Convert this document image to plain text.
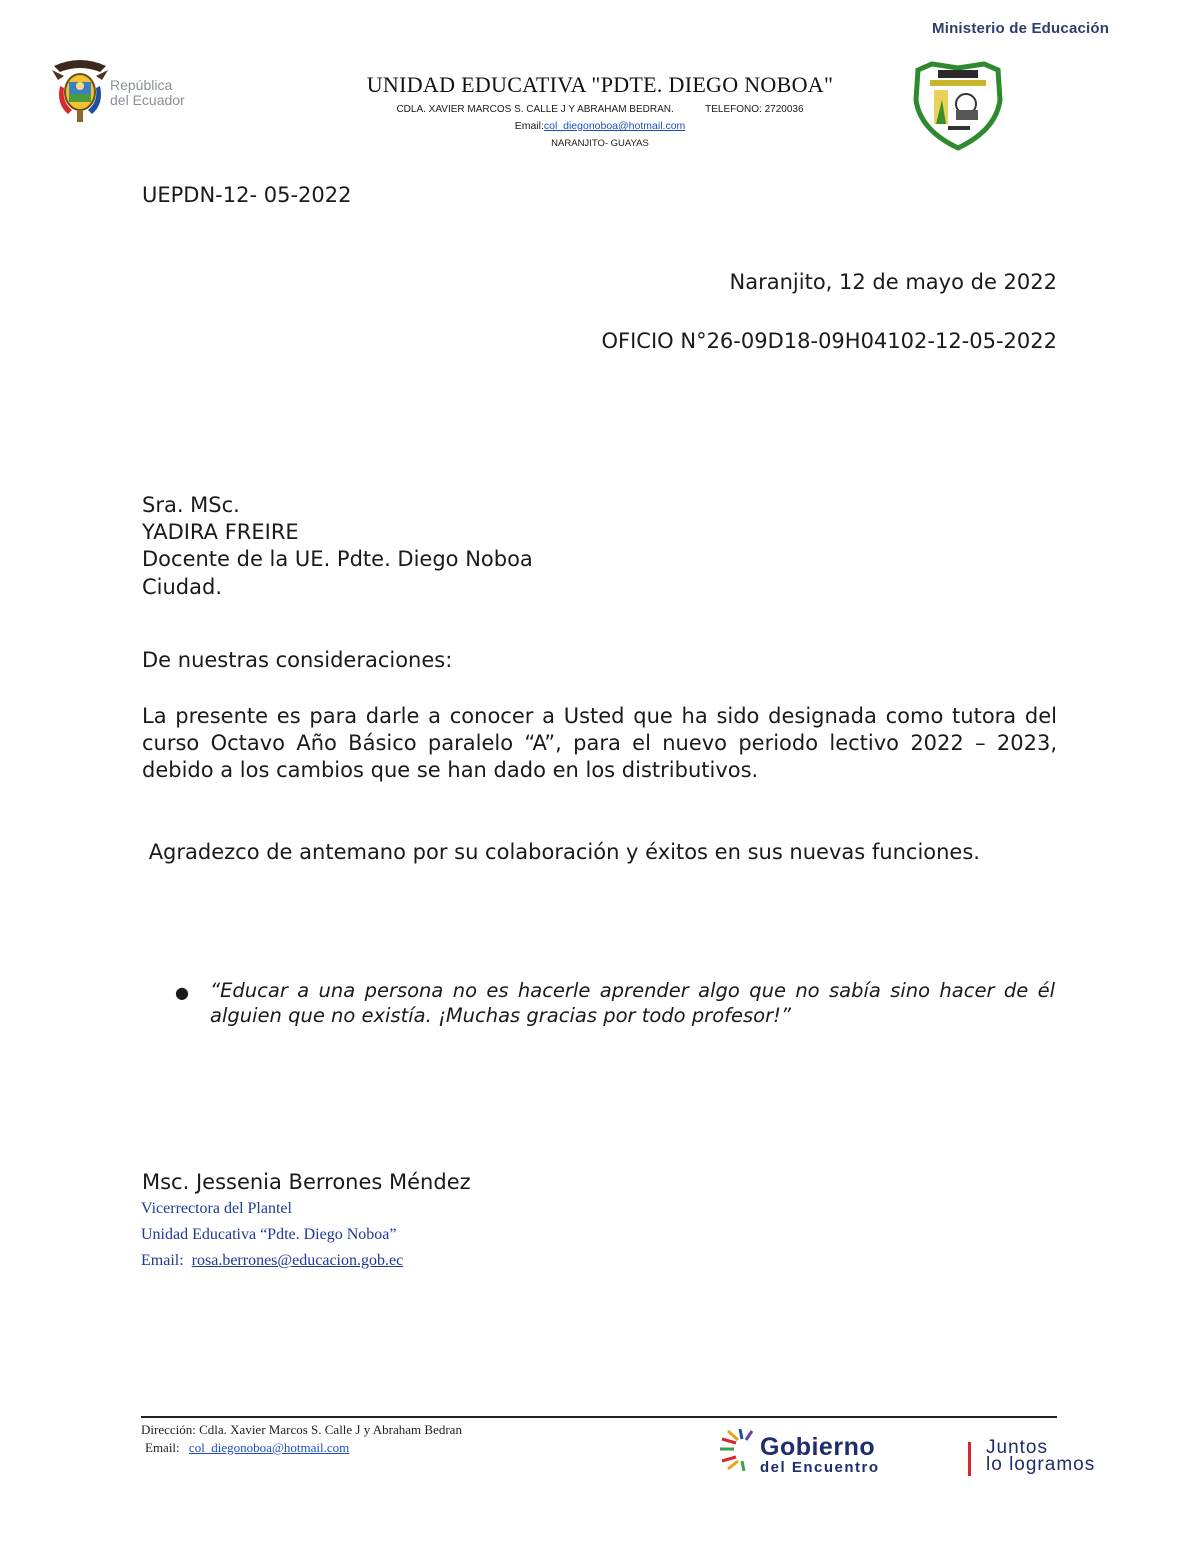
Ministerio de Educación
República
del Ecuador
UNIDAD EDUCATIVA "PDTE. DIEGO NOBOA"
CDLA. XAVIER MARCOS S. CALLE J Y ABRAHAM BEDRAN.	TELEFONO: 2720036
Email:col_diegonoboa@hotmail.com
NARANJITO- GUAYAS
UEPDN-12- 05-2022
Naranjito, 12 de mayo de 2022
OFICIO N°26-09D18-09H04102-12-05-2022
Sra. MSc.
YADIRA FREIRE
Docente de la UE. Pdte. Diego Noboa
Ciudad.
De nuestras consideraciones:

La presente es para darle a conocer a Usted que ha sido designada como tutora del curso Octavo Año Básico paralelo “A”, para el nuevo periodo lectivo 2022 – 2023, debido a los cambios que se han dado en los distributivos.

Agradezco de antemano por su colaboración y éxitos en sus nuevas funciones.

● “Educar a una persona no es hacerle aprender algo que no sabía sino hacer de él alguien que no existía. ¡Muchas gracias por todo profesor!”
Msc. Jessenia Berrones Méndez
Vicerrectora del Plantel
Unidad Educativa “Pdte. Diego Noboa”
Email: rosa.berrones@educacion.gob.ec
Dirección: Cdla. Xavier Marcos S. Calle J y Abraham Bedran
Email: col_diegonoboa@hotmail.com	Gobierno
del Encuentro
Juntos
lo logramos
